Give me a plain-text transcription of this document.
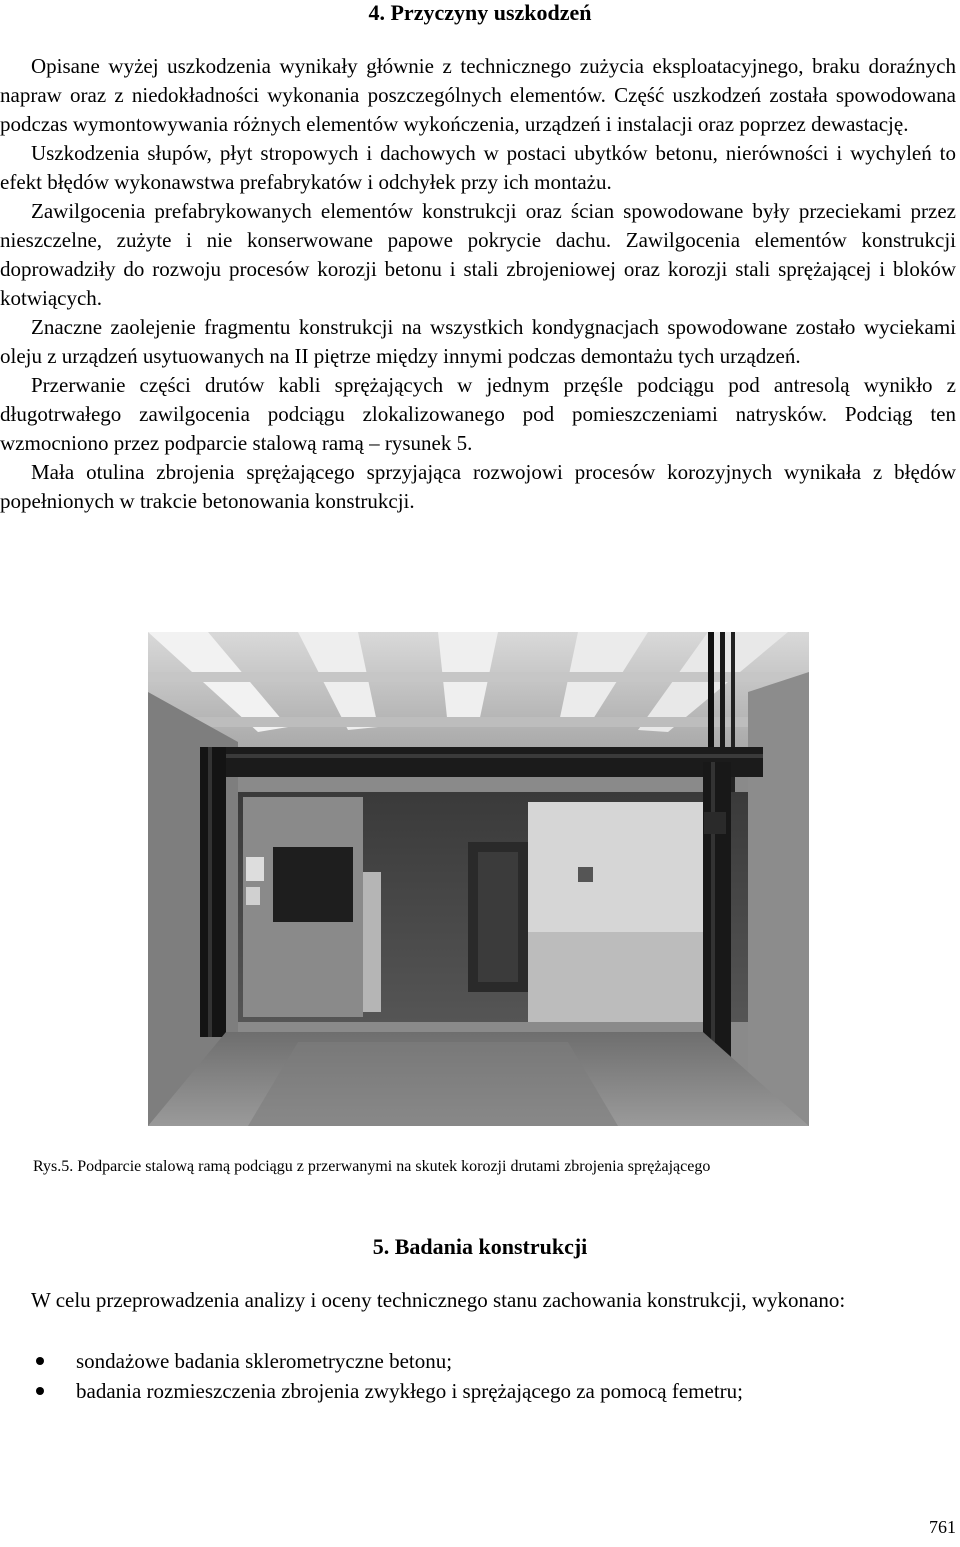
4. Przyczyny uszkodzeń

Opisane wyżej uszkodzenia wynikały głównie z technicznego zużycia eksploatacyjnego, braku doraźnych napraw oraz z niedokładności wykonania poszczególnych elementów. Część uszkodzeń została spowodowana podczas wymontowywania różnych elementów wykończenia, urządzeń i instalacji oraz poprzez dewastację.

Uszkodzenia słupów, płyt stropowych i dachowych w postaci ubytków betonu, nierówności i wychyleń to efekt błędów wykonawstwa prefabrykatów i odchyłek przy ich montażu.

Zawilgocenia prefabrykowanych elementów konstrukcji oraz ścian spowodowane były przeciekami przez nieszczelne, zużyte i nie konserwowane papowe pokrycie dachu. Zawilgocenia elementów konstrukcji doprowadziły do rozwoju procesów korozji betonu i stali zbrojeniowej oraz korozji stali sprężającej i bloków kotwiących.

Znaczne zaolejenie fragmentu konstrukcji na wszystkich kondygnacjach spowodowane zostało wyciekami oleju z urządzeń usytuowanych na II piętrze między innymi podczas demontażu tych urządzeń.

Przerwanie części drutów kabli sprężających w jednym przęśle podciągu pod antresolą wynikło z długotrwałego zawilgocenia podciągu zlokalizowanego pod pomieszczeniami natrysków. Podciąg ten wzmocniono przez podparcie stalową ramą – rysunek 5.

Mała otulina zbrojenia sprężającego sprzyjająca rozwojowi procesów korozyjnych wynikała z błędów popełnionych w trakcie betonowania konstrukcji.

Rys.5. Podparcie stalową ramą podciągu z przerwanymi na skutek korozji drutami zbrojenia sprężającego
5. Badania konstrukcji

W celu przeprowadzenia analizy i oceny technicznego stanu zachowania konstrukcji, wykonano:

sondażowe badania sklerometryczne betonu;
badania rozmieszczenia zbrojenia zwykłego i sprężającego za pomocą femetru;
761
